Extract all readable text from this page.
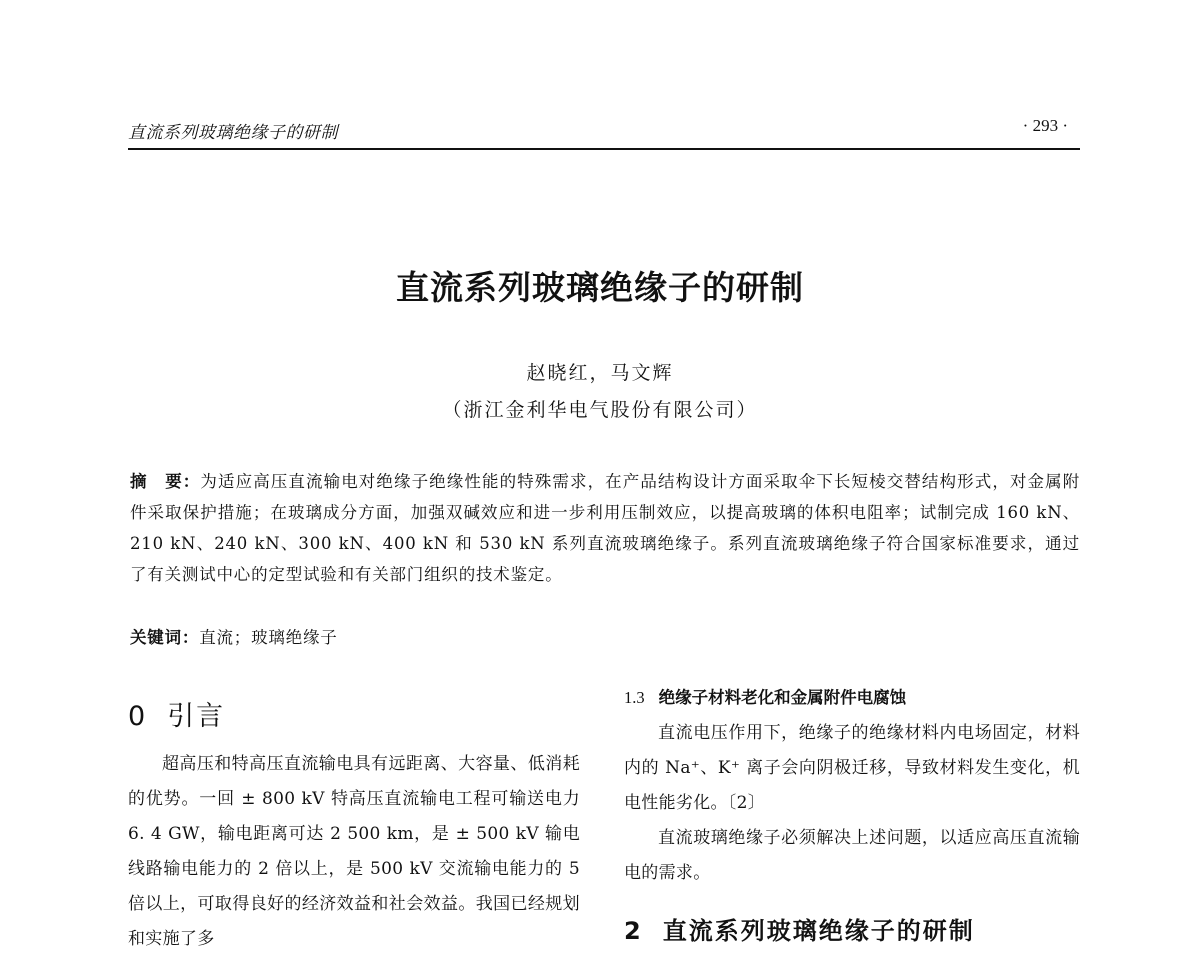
直流系列玻璃绝缘子的研制	· 293 ·
直流系列玻璃绝缘子的研制
赵晓红，马文辉
（浙江金利华电气股份有限公司）
摘　要：为适应高压直流输电对绝缘子绝缘性能的特殊需求，在产品结构设计方面采取伞下长短棱交替结构形式，对金属附件采取保护措施；在玻璃成分方面，加强双碱效应和进一步利用压制效应，以提高玻璃的体积电阻率；试制完成 160 kN、210 kN、240 kN、300 kN、400 kN 和 530 kN 系列直流玻璃绝缘子。系列直流玻璃绝缘子符合国家标准要求，通过了有关测试中心的定型试验和有关部门组织的技术鉴定。
关键词：直流；玻璃绝缘子
0 引言

超高压和特高压直流输电具有远距离、大容量、低消耗的优势。一回 ± 800 kV 特高压直流输电工程可输送电力 6. 4 GW，输电距离可达 2 500 km，是 ± 500 kV 输电线路输电能力的 2 倍以上，是 500 kV 交流输电能力的 5 倍以上，可取得良好的经济效益和社会效益。我国已经规划和实施了多

1.3 绝缘子材料老化和金属附件电腐蚀

直流电压作用下，绝缘子的绝缘材料内电场固定，材料内的 Na⁺、K⁺ 离子会向阴极迁移，导致材料发生变化，机电性能劣化。〔2〕

直流玻璃绝缘子必须解决上述问题，以适应高压直流输电的需求。

2 直流系列玻璃绝缘子的研制
